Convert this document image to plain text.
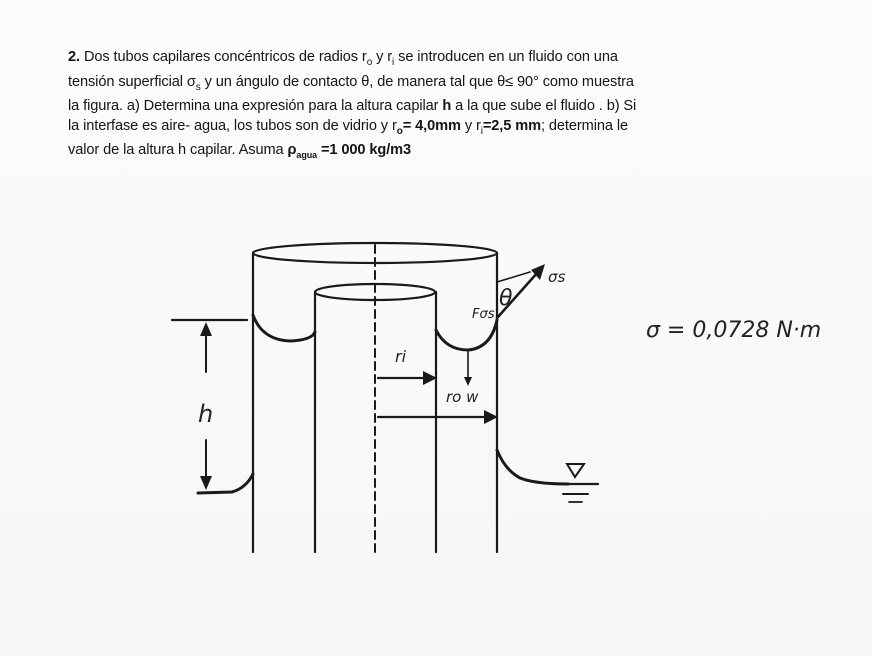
2. Dos tubos capilares concéntricos de radios $r_o$ y $r_i$ se introducen en un fluido con una tensión superficial $\sigma_s$ y un ángulo de contacto θ, de manera tal que θ≤ 90° como muestra la figura. a) Determina una expresión para la altura capilar h a la que sube el fluido . b) Si la interfase es aire- agua, los tubos son de vidrio y $r_o= 4,0mm$ y $r_i=2,5$ mm; determina le valor de la altura h capilar. Asuma $\rho_{agua} =1$ 000 kg/m3
h
ri
ro w
θ
σs
Fσs
σ = 0,0728 N·m
